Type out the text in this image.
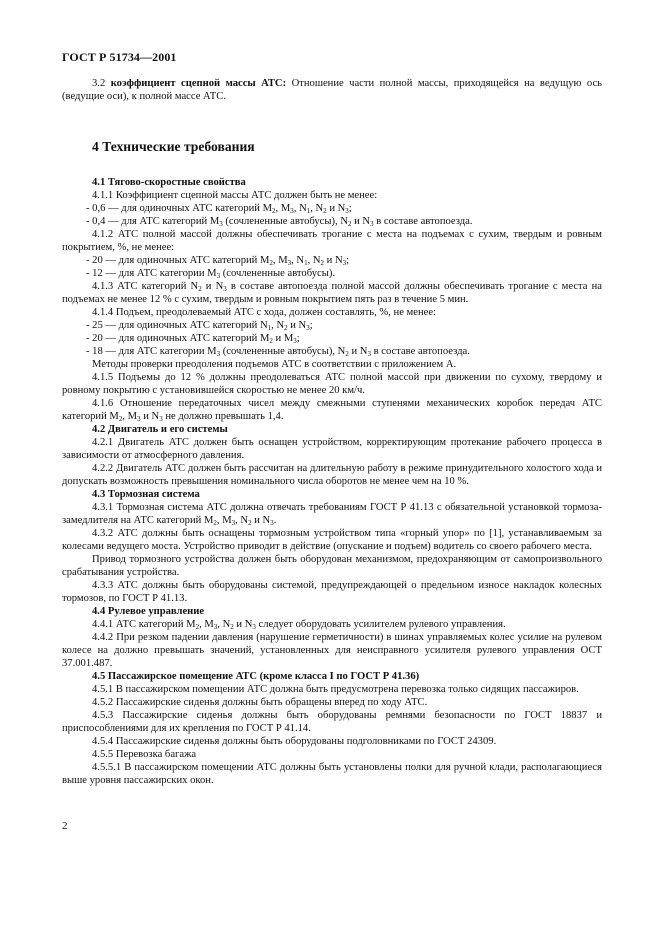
ГОСТ Р 51734—2001

3.2 коэффициент сцепной массы АТС: Отношение части полной массы, приходящейся на ведущую ось (ведущие оси), к полной массе АТС.

4 Технические требования

4.1 Тягово-скоростные свойства

4.1.1 Коэффициент сцепной массы АТС должен быть не менее:

- 0,6 — для одиночных АТС категорий $M_2$, $M_3$, $N_1$, $N_2$ и $N_3$;

- 0,4 — для АТС категорий $M_3$ (сочлененные автобусы), $N_2$ и $N_3$ в составе автопоезда.

4.1.2 АТС полной массой должны обеспечивать трогание с места на подъемах с сухим, твердым и ровным покрытием, %, не менее:

- 20 — для одиночных АТС категорий $M_2$, $M_3$, $N_1$, $N_2$ и $N_3$;

- 12 — для АТС категории $M_3$ (сочлененные автобусы).

4.1.3 АТС категорий $N_2$ и $N_3$ в составе автопоезда полной массой должны обеспечивать трогание с места на подъемах не менее 12 % с сухим, твердым и ровным покрытием пять раз в течение 5 мин.

4.1.4 Подъем, преодолеваемый АТС с хода, должен составлять, %, не менее:

- 25 — для одиночных АТС категорий $N_1$, $N_2$ и $N_3$;

- 20 — для одиночных АТС категорий $M_2$ и $M_3$;

- 18 — для АТС категории $M_3$ (сочлененные автобусы), $N_2$ и $N_3$ в составе автопоезда.

Методы проверки преодоления подъемов АТС в соответствии с приложением А.

4.1.5 Подъемы до 12 % должны преодолеваться АТС полной массой при движении по сухому, твердому и ровному покрытию с установившейся скоростью не менее 20 км/ч.

4.1.6 Отношение передаточных чисел между смежными ступенями механических коробок передач АТС категорий $M_2$, $M_3$ и $N_3$ не должно превышать 1,4.

4.2 Двигатель и его системы

4.2.1 Двигатель АТС должен быть оснащен устройством, корректирующим протекание рабочего процесса в зависимости от атмосферного давления.

4.2.2 Двигатель АТС должен быть рассчитан на длительную работу в режиме принудительного холостого хода и допускать возможность превышения номинального числа оборотов не менее чем на 10 %.

4.3 Тормозная система

4.3.1 Тормозная система АТС должна отвечать требованиям ГОСТ Р 41.13 с обязательной установкой тормоза-замедлителя на АТС категорий $M_2$, $M_3$, $N_2$ и $N_3$.

4.3.2 АТС должны быть оснащены тормозным устройством типа «горный упор» по [1], устанавливаемым за колесами ведущего моста. Устройство приводит в действие (опускание и подъем) водитель со своего рабочего места.

Привод тормозного устройства должен быть оборудован механизмом, предохраняющим от самопроизвольного срабатывания устройства.

4.3.3 АТС должны быть оборудованы системой, предупреждающей о предельном износе накладок колесных тормозов, по ГОСТ Р 41.13.

4.4 Рулевое управление

4.4.1 АТС категорий $M_2$, $M_3$, $N_2$ и $N_3$ следует оборудовать усилителем рулевого управления.

4.4.2 При резком падении давления (нарушение герметичности) в шинах управляемых колес усилие на рулевом колесе на должно превышать значений, установленных для неисправного усилителя рулевого управления ОСТ 37.001.487.

4.5 Пассажирское помещение АТС (кроме класса I по ГОСТ Р 41.36)

4.5.1 В пассажирском помещении АТС должна быть предусмотрена перевозка только сидящих пассажиров.

4.5.2 Пассажирские сиденья должны быть обращены вперед по ходу АТС.

4.5.3 Пассажирские сиденья должны быть оборудованы ремнями безопасности по ГОСТ 18837 и приспособлениями для их крепления по ГОСТ Р 41.14.

4.5.4 Пассажирские сиденья должны быть оборудованы подголовниками по ГОСТ 24309.

4.5.5 Перевозка багажа

4.5.5.1 В пассажирском помещении АТС должны быть установлены полки для ручной клади, располагающиеся выше уровня пассажирских окон.

2
